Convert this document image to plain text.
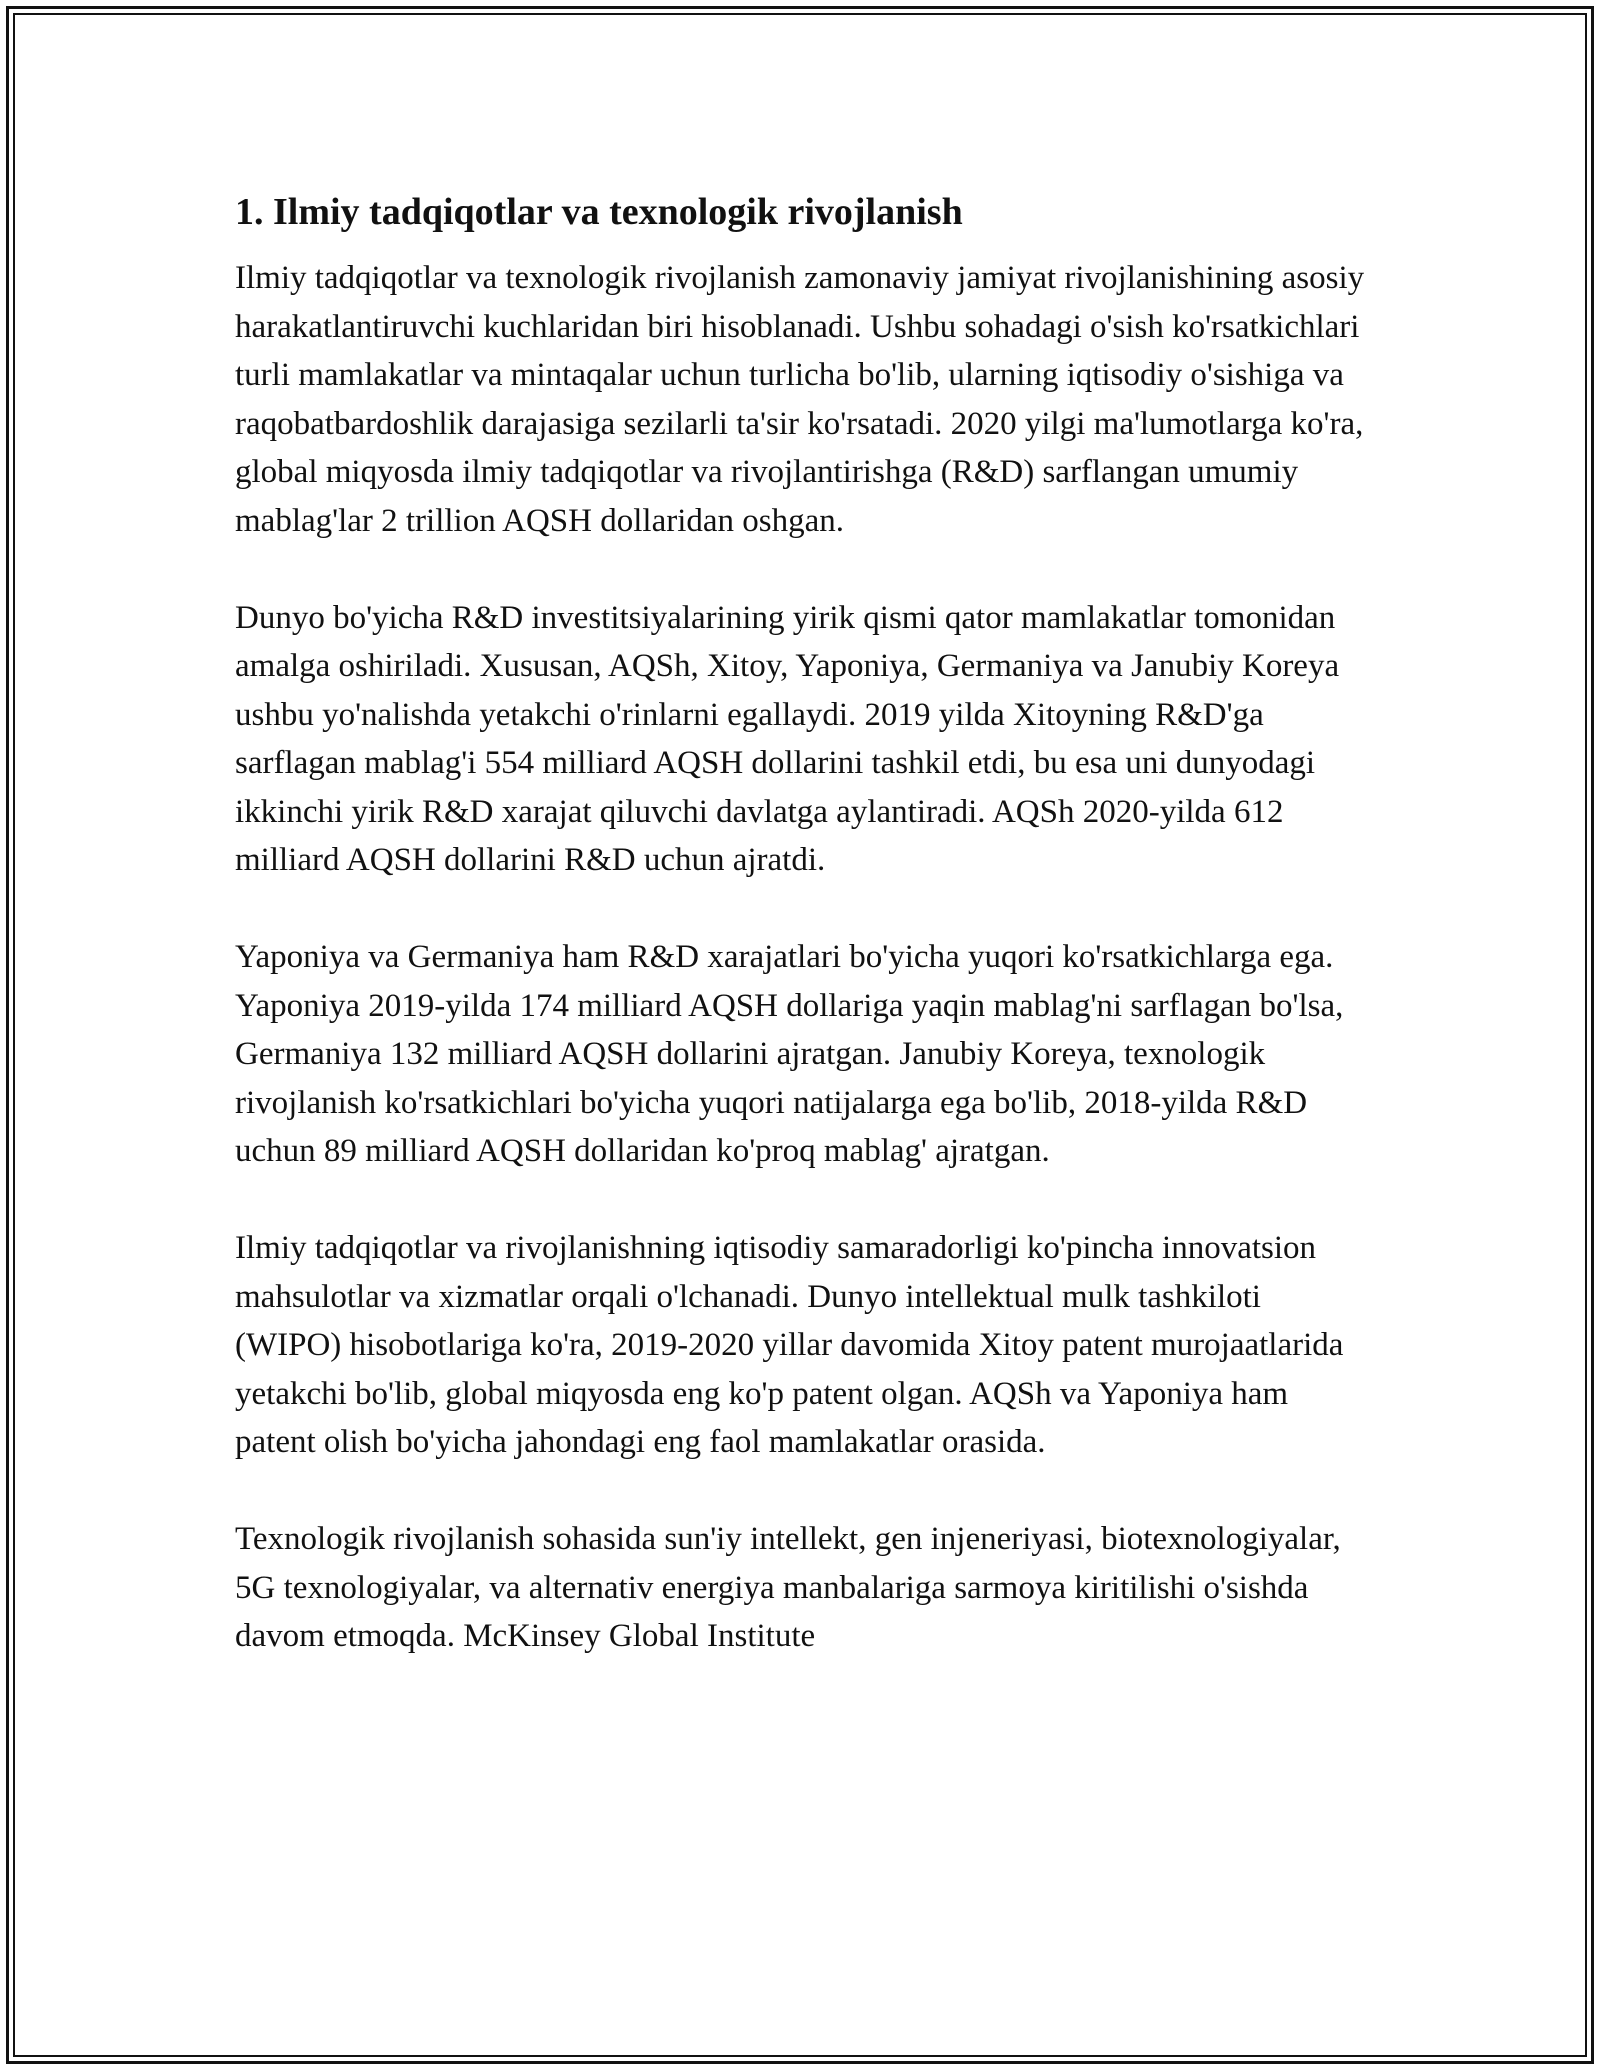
1. Ilmiy tadqiqotlar va texnologik rivojlanish

Ilmiy tadqiqotlar va texnologik rivojlanish zamonaviy jamiyat rivojlanishining asosiy harakatlantiruvchi kuchlaridan biri hisoblanadi. Ushbu sohadagi o'sish ko'rsatkichlari turli mamlakatlar va mintaqalar uchun turlicha bo'lib, ularning iqtisodiy o'sishiga va raqobatbardoshlik darajasiga sezilarli ta'sir ko'rsatadi. 2020 yilgi ma'lumotlarga ko'ra, global miqyosda ilmiy tadqiqotlar va rivojlantirishga (R&D) sarflangan umumiy mablag'lar 2 trillion AQSH dollaridan oshgan.

Dunyo bo'yicha R&D investitsiyalarining yirik qismi qator mamlakatlar tomonidan amalga oshiriladi. Xususan, AQSh, Xitoy, Yaponiya, Germaniya va Janubiy Koreya ushbu yo'nalishda yetakchi o'rinlarni egallaydi. 2019 yilda Xitoyning R&D'ga sarflagan mablag'i 554 milliard AQSH dollarini tashkil etdi, bu esa uni dunyodagi ikkinchi yirik R&D xarajat qiluvchi davlatga aylantiradi. AQSh 2020-yilda 612 milliard AQSH dollarini R&D uchun ajratdi.

Yaponiya va Germaniya ham R&D xarajatlari bo'yicha yuqori ko'rsatkichlarga ega. Yaponiya 2019-yilda 174 milliard AQSH dollariga yaqin mablag'ni sarflagan bo'lsa, Germaniya 132 milliard AQSH dollarini ajratgan. Janubiy Koreya, texnologik rivojlanish ko'rsatkichlari bo'yicha yuqori natijalarga ega bo'lib, 2018-yilda R&D uchun 89 milliard AQSH dollaridan ko'proq mablag' ajratgan.

Ilmiy tadqiqotlar va rivojlanishning iqtisodiy samaradorligi ko'pincha innovatsion mahsulotlar va xizmatlar orqali o'lchanadi. Dunyo intellektual mulk tashkiloti (WIPO) hisobotlariga ko'ra, 2019-2020 yillar davomida Xitoy patent murojaatlarida yetakchi bo'lib, global miqyosda eng ko'p patent olgan. AQSh va Yaponiya ham patent olish bo'yicha jahondagi eng faol mamlakatlar orasida.

Texnologik rivojlanish sohasida sun'iy intellekt, gen injeneriyasi, biotexnologiyalar, 5G texnologiyalar, va alternativ energiya manbalariga sarmoya kiritilishi o'sishda davom etmoqda. McKinsey Global Institute
